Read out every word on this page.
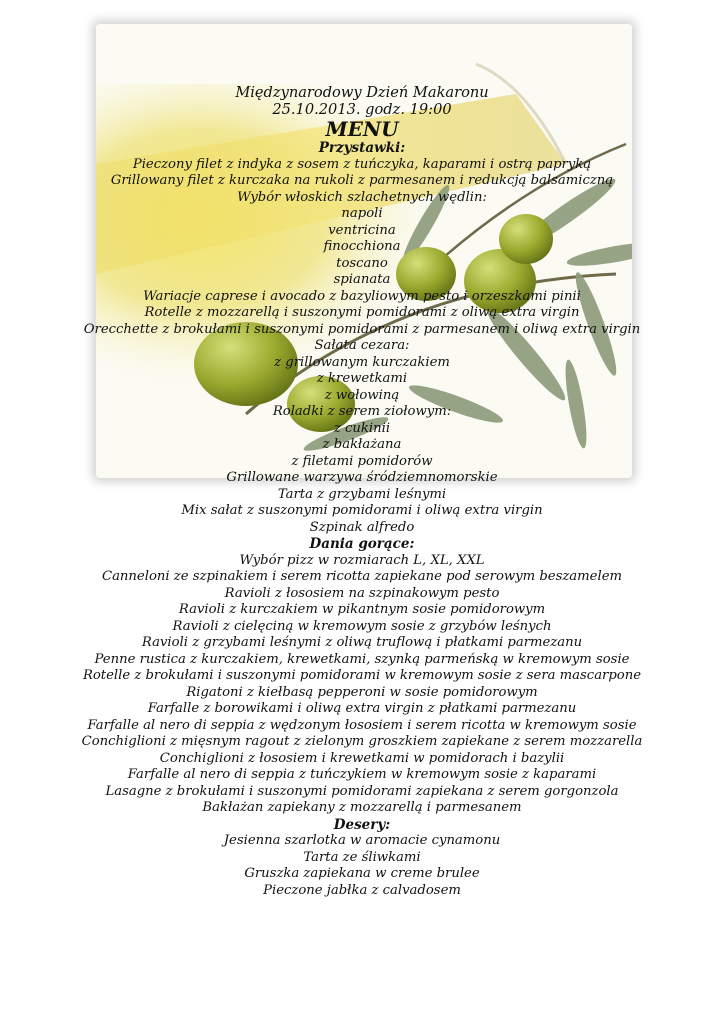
Międzynarodowy Dzień Makaronu
25.10.2013. godz. 19:00
MENU
Przystawki:
Pieczony filet z indyka z sosem z tuńczyka, kaparami i ostrą papryką
Grillowany filet z kurczaka na rukoli z parmesanem i redukcją balsamiczną
Wybór włoskich szlachetnych wędlin:
napoli
ventricina
finocchiona
toscano
spianata
Wariacje caprese i avocado z bazyliowym pesto i orzeszkami pinii
Rotelle z mozzarellą i suszonymi pomidorami z oliwą extra virgin
Orecchette z brokułami i suszonymi pomidorami z parmesanem i oliwą extra virgin
Sałata cezara:
z grillowanym kurczakiem
z krewetkami
z wołowiną
Roladki z serem ziołowym:
z cukinii
z bakłażana
z filetami pomidorów
Grillowane warzywa śródziemnomorskie
Tarta z grzybami leśnymi
Mix sałat z suszonymi pomidorami i oliwą extra virgin
Szpinak alfredo
Dania gorące:
Wybór pizz w rozmiarach L, XL, XXL
Canneloni ze szpinakiem i serem ricotta zapiekane pod serowym beszamelem
Ravioli z łososiem na szpinakowym pesto
Ravioli z kurczakiem w pikantnym sosie pomidorowym
Ravioli z cielęciną w kremowym sosie z grzybów leśnych
Ravioli z grzybami leśnymi z oliwą truflową i płatkami parmezanu
Penne rustica z kurczakiem, krewetkami, szynką parmeńską w kremowym sosie
Rotelle z brokułami i suszonymi pomidorami w kremowym sosie z sera mascarpone
Rigatoni z kiełbasą pepperoni w sosie pomidorowym
Farfalle z borowikami i oliwą extra virgin z płatkami parmezanu
Farfalle al nero di seppia z wędzonym łososiem i serem ricotta w kremowym sosie
Conchiglioni z mięsnym ragout z zielonym groszkiem zapiekane z serem mozzarella
Conchiglioni z łososiem i krewetkami w pomidorach i bazylii
Farfalle al nero di seppia z tuńczykiem w kremowym sosie z kaparami
Lasagne z brokułami i suszonymi pomidorami zapiekana z serem gorgonzola
Bakłażan zapiekany z mozzarellą i parmesanem
Desery:
Jesienna szarlotka w aromacie cynamonu
Tarta ze śliwkami
Gruszka zapiekana w creme brulee
Pieczone jabłka z calvadosem
